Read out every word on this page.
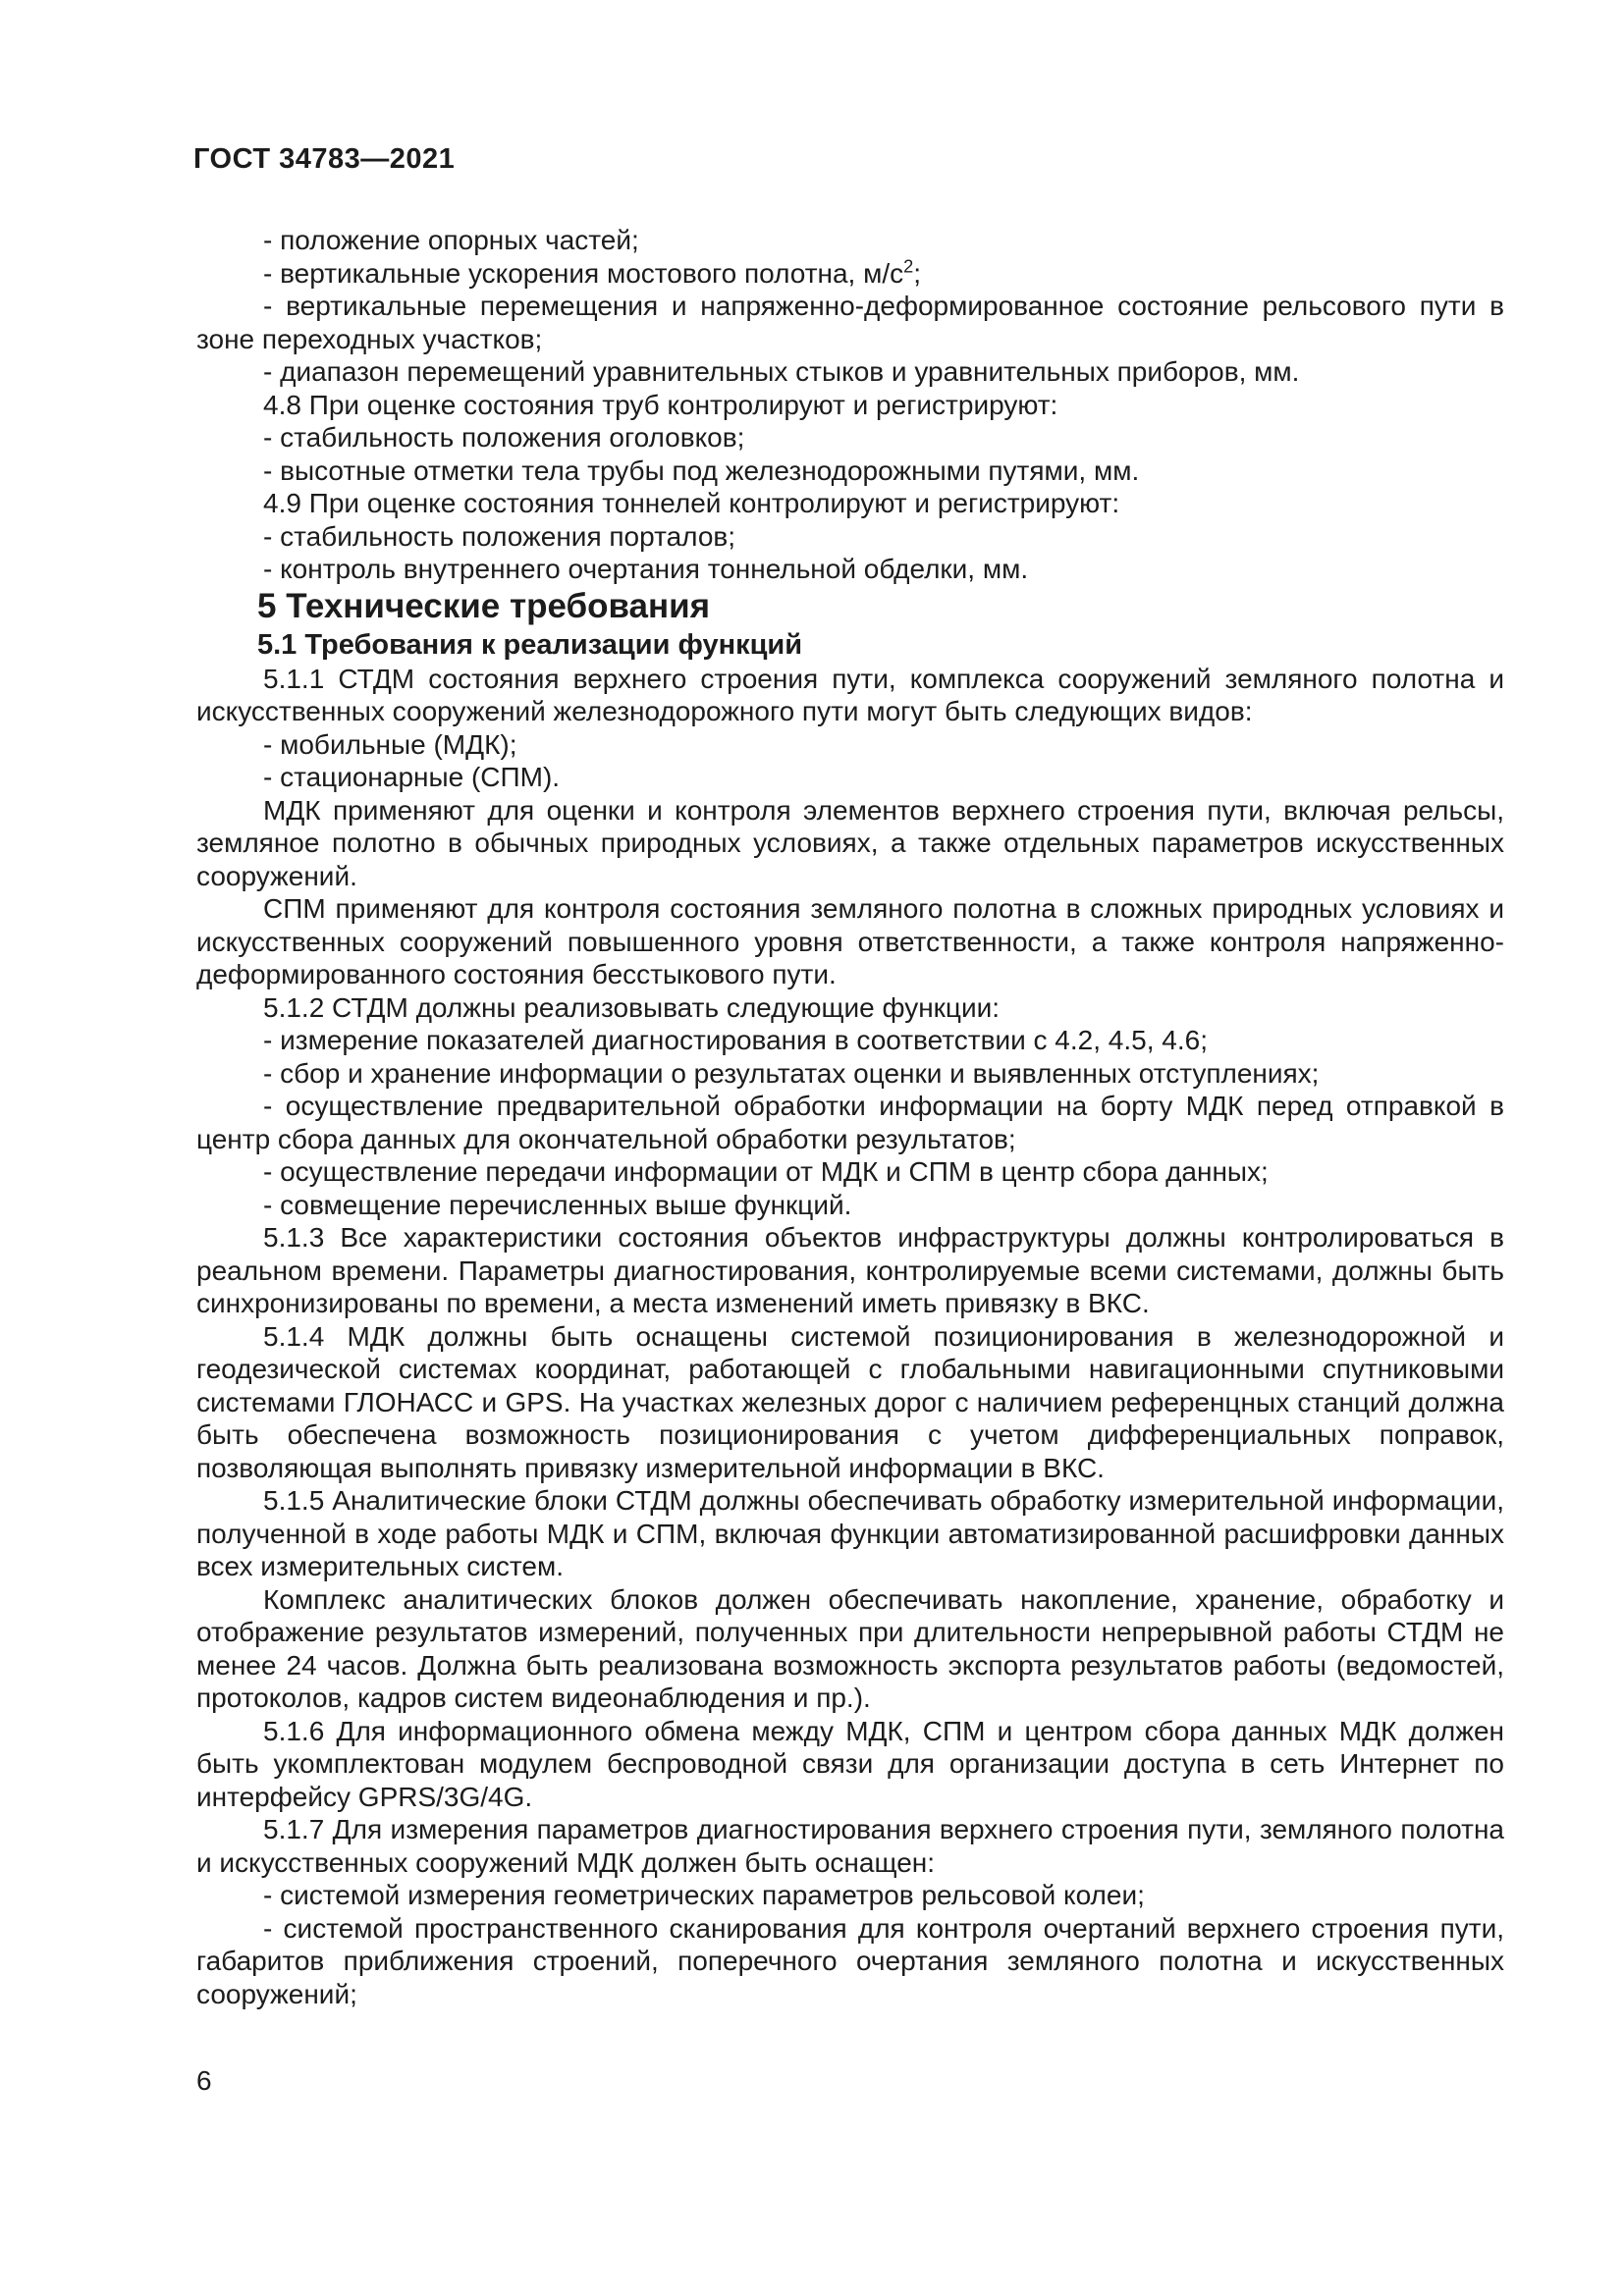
ГОСТ 34783—2021

- положение опорных частей;

- вертикальные ускорения мостового полотна, $м/с^2$;

- вертикальные перемещения и напряженно-деформированное состояние рельсового пути в зоне переходных участков;

- диапазон перемещений уравнительных стыков и уравнительных приборов, мм.

4.8 При оценке состояния труб контролируют и регистрируют:

- стабильность положения оголовков;

- высотные отметки тела трубы под железнодорожными путями, мм.

4.9 При оценке состояния тоннелей контролируют и регистрируют:

- стабильность положения порталов;

- контроль внутреннего очертания тоннельной обделки, мм.

5 Технические требования

5.1 Требования к реализации функций

5.1.1 СТДМ состояния верхнего строения пути, комплекса сооружений земляного полотна и искусственных сооружений железнодорожного пути могут быть следующих видов:

- мобильные (МДК);

- стационарные (СПМ).

МДК применяют для оценки и контроля элементов верхнего строения пути, включая рельсы, земляное полотно в обычных природных условиях, а также отдельных параметров искусственных сооружений.

СПМ применяют для контроля состояния земляного полотна в сложных природных условиях и искусственных сооружений повышенного уровня ответственности, а также контроля напряженно-деформированного состояния бесстыкового пути.

5.1.2 СТДМ должны реализовывать следующие функции:

- измерение показателей диагностирования в соответствии с 4.2, 4.5, 4.6;

- сбор и хранение информации о результатах оценки и выявленных отступлениях;

- осуществление предварительной обработки информации на борту МДК перед отправкой в центр сбора данных для окончательной обработки результатов;

- осуществление передачи информации от МДК и СПМ в центр сбора данных;

- совмещение перечисленных выше функций.

5.1.3 Все характеристики состояния объектов инфраструктуры должны контролироваться в реальном времени. Параметры диагностирования, контролируемые всеми системами, должны быть синхронизированы по времени, а места изменений иметь привязку в ВКС.

5.1.4 МДК должны быть оснащены системой позиционирования в железнодорожной и геодезической системах координат, работающей с глобальными навигационными спутниковыми системами ГЛОНАСС и GPS. На участках железных дорог с наличием референцных станций должна быть обеспечена возможность позиционирования с учетом дифференциальных поправок, позволяющая выполнять привязку измерительной информации в ВКС.

5.1.5 Аналитические блоки СТДМ должны обеспечивать обработку измерительной информации, полученной в ходе работы МДК и СПМ, включая функции автоматизированной расшифровки данных всех измерительных систем.

Комплекс аналитических блоков должен обеспечивать накопление, хранение, обработку и отображение результатов измерений, полученных при длительности непрерывной работы СТДМ не менее 24 часов. Должна быть реализована возможность экспорта результатов работы (ведомостей, протоколов, кадров систем видеонаблюдения и пр.).

5.1.6 Для информационного обмена между МДК, СПМ и центром сбора данных МДК должен быть укомплектован модулем беспроводной связи для организации доступа в сеть Интернет по интерфейсу GPRS/3G/4G.

5.1.7 Для измерения параметров диагностирования верхнего строения пути, земляного полотна и искусственных сооружений МДК должен быть оснащен:

- системой измерения геометрических параметров рельсовой колеи;

- системой пространственного сканирования для контроля очертаний верхнего строения пути, габаритов приближения строений, поперечного очертания земляного полотна и искусственных сооружений;

6
